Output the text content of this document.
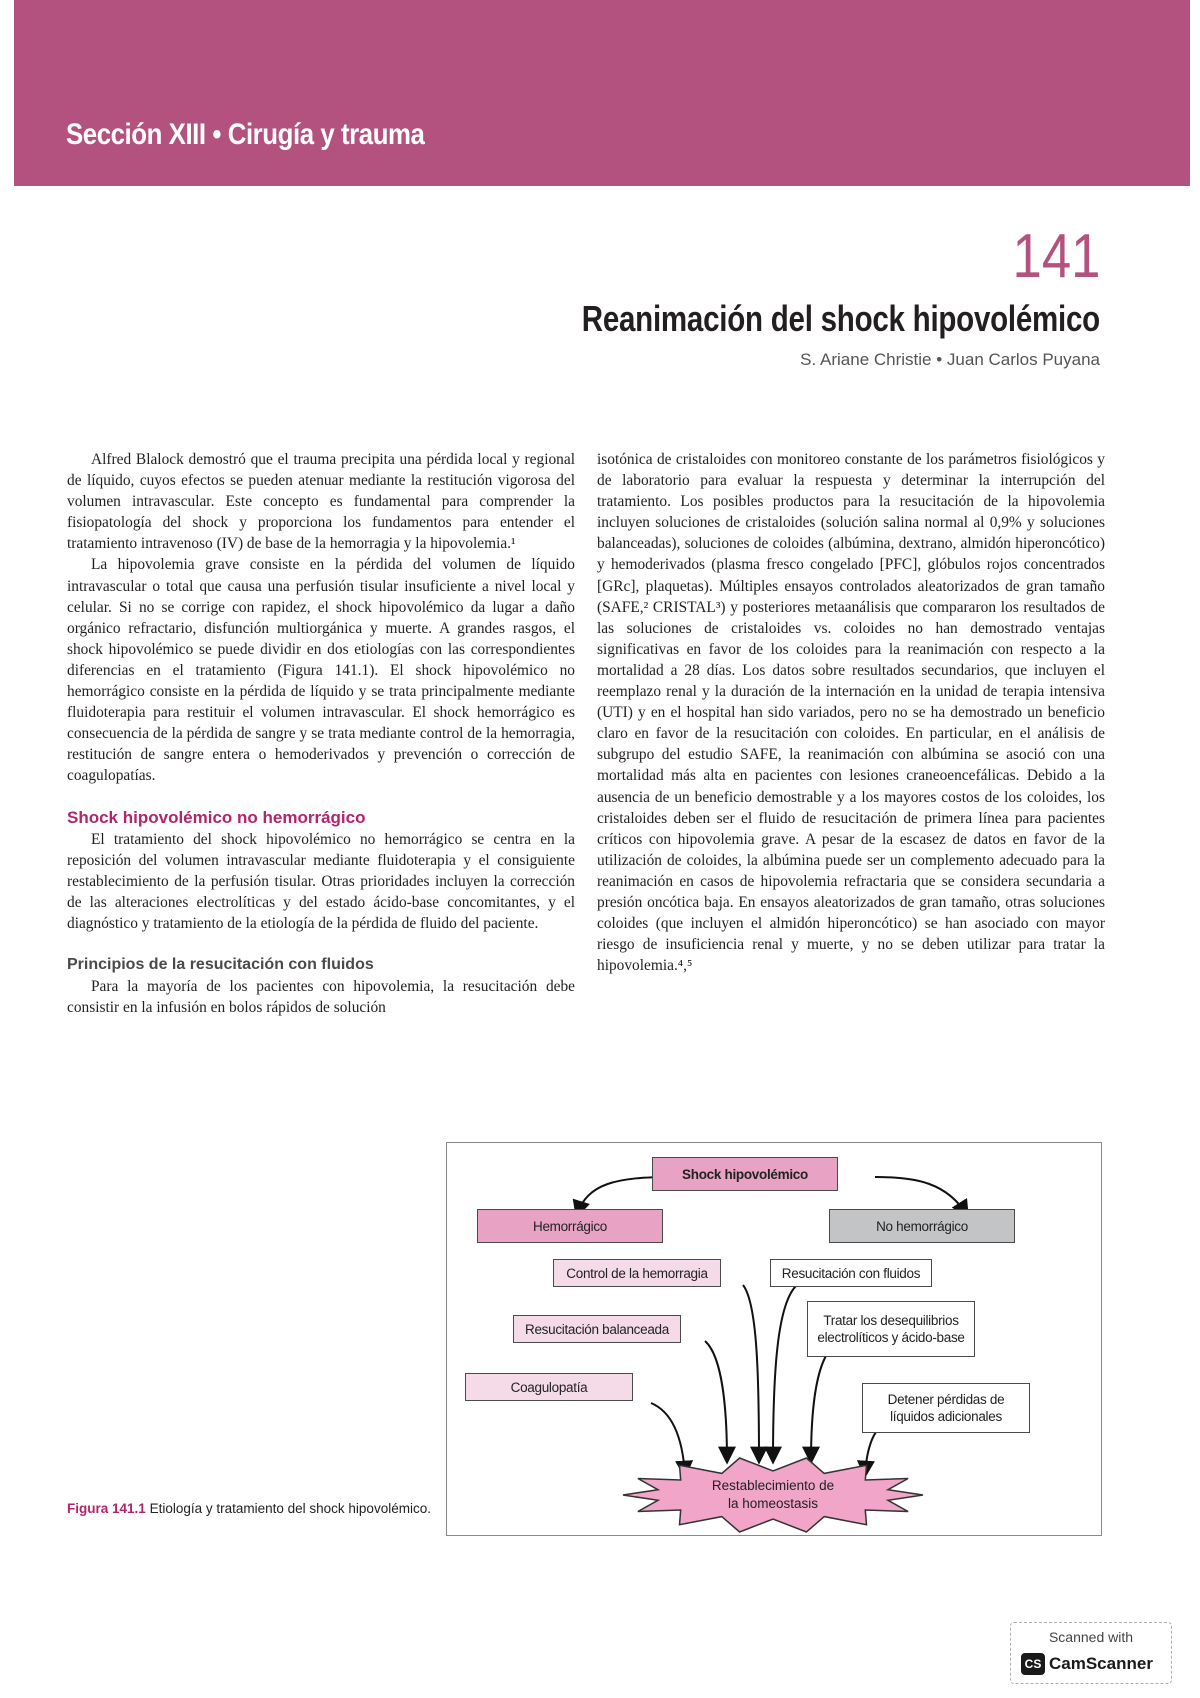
Sección XIII • Cirugía y trauma
141
Reanimación del shock hipovolémico
S. Ariane Christie • Juan Carlos Puyana

Alfred Blalock demostró que el trauma precipita una pérdida local y regional de líquido, cuyos efectos se pueden atenuar mediante la restitución vigorosa del volumen intravascular. Este concepto es fundamental para comprender la fisiopatología del shock y proporciona los fundamentos para entender el tratamiento intravenoso (IV) de base de la hemorragia y la hipovolemia.¹

La hipovolemia grave consiste en la pérdida del volumen de líquido intravascular o total que causa una perfusión tisular insuficiente a nivel local y celular. Si no se corrige con rapidez, el shock hipovolémico da lugar a daño orgánico refractario, disfunción multiorgánica y muerte. A grandes rasgos, el shock hipovolémico se puede dividir en dos etiologías con las correspondientes diferencias en el tratamiento (Figura 141.1). El shock hipovolémico no hemorrágico consiste en la pérdida de líquido y se trata principalmente mediante fluidoterapia para restituir el volumen intravascular. El shock hemorrágico es consecuencia de la pérdida de sangre y se trata mediante control de la hemorragia, restitución de sangre entera o hemoderivados y prevención o corrección de coagulopatías.

Shock hipovolémico no hemorrágico

El tratamiento del shock hipovolémico no hemorrágico se centra en la reposición del volumen intravascular mediante fluidoterapia y el consiguiente restablecimiento de la perfusión tisular. Otras prioridades incluyen la corrección de las alteraciones electrolíticas y del estado ácido-base concomitantes, y el diagnóstico y tratamiento de la etiología de la pérdida de fluido del paciente.

Principios de la resucitación con fluidos

Para la mayoría de los pacientes con hipovolemia, la resucitación debe consistir en la infusión en bolos rápidos de solución

isotónica de cristaloides con monitoreo constante de los parámetros fisiológicos y de laboratorio para evaluar la respuesta y determinar la interrupción del tratamiento. Los posibles productos para la resucitación de la hipovolemia incluyen soluciones de cristaloides (solución salina normal al 0,9% y soluciones balanceadas), soluciones de coloides (albúmina, dextrano, almidón hiperoncótico) y hemoderivados (plasma fresco congelado [PFC], glóbulos rojos concentrados [GRc], plaquetas). Múltiples ensayos controlados aleatorizados de gran tamaño (SAFE,² CRISTAL³) y posteriores metaanálisis que compararon los resultados de las soluciones de cristaloides vs. coloides no han demostrado ventajas significativas en favor de los coloides para la reanimación con respecto a la mortalidad a 28 días. Los datos sobre resultados secundarios, que incluyen el reemplazo renal y la duración de la internación en la unidad de terapia intensiva (UTI) y en el hospital han sido variados, pero no se ha demostrado un beneficio claro en favor de la resucitación con coloides. En particular, en el análisis de subgrupo del estudio SAFE, la reanimación con albúmina se asoció con una mortalidad más alta en pacientes con lesiones craneoencefálicas. Debido a la ausencia de un beneficio demostrable y a los mayores costos de los coloides, los cristaloides deben ser el fluido de resucitación de primera línea para pacientes críticos con hipovolemia grave. A pesar de la escasez de datos en favor de la utilización de coloides, la albúmina puede ser un complemento adecuado para la reanimación en casos de hipovolemia refractaria que se considera secundaria a presión oncótica baja. En ensayos aleatorizados de gran tamaño, otras soluciones coloides (que incluyen el almidón hiperoncótico) se han asociado con mayor riesgo de insuficiencia renal y muerte, y no se deben utilizar para tratar la hipovolemia.⁴,⁵

Restablecimiento de
la homeostasis
Shock hipovolémico
Hemorrágico	No hemorrágico
Control de la hemorragia	Resucitación con fluidos
Resucitación balanceada
Tratar los desequilibrios
electrolíticos y ácido-base
Coagulopatía
Detener pérdidas de
líquidos adicionales
Figura 141.1 Etiología y tratamiento del shock hipovolémico.
Scanned with
CS CamScanner
